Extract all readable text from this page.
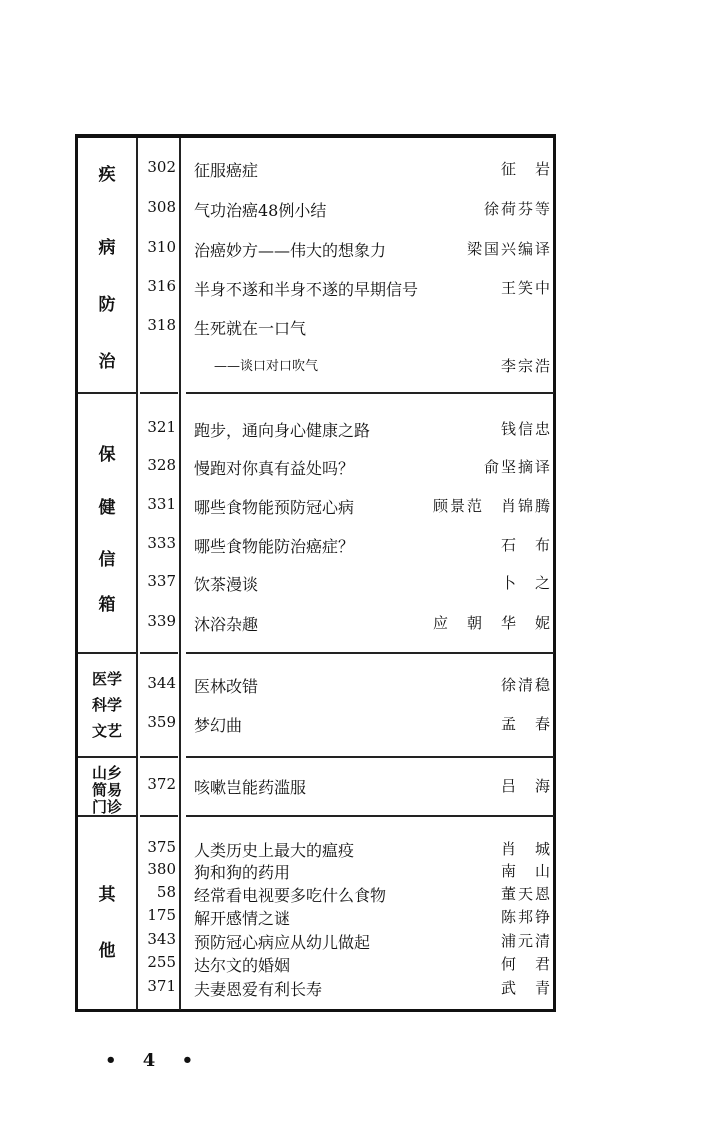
疾
病
防
治
302 征服癌症	征　岩
308 气功治癌48例小结	徐荷芬等
310 治癌妙方——伟大的想象力	梁国兴编译
316 半身不遂和半身不遂的早期信号	王笑中
318 生死就在一口气
——谈口对口吹气	李宗浩
保
健
信
箱
321 跑步，通向身心健康之路	钱信忠
328 慢跑对你真有益处吗？	俞坚摘译
331 哪些食物能预防冠心病	顾景范　肖锦腾
333 哪些食物能防治癌症？	石　布
337 饮茶漫谈	卜　之
339 沐浴杂趣	应　朝　华　妮
医学
科学
文艺
344 医林改错	徐清稳
359 梦幻曲	孟　春
山乡
简易
门诊
372 咳嗽岂能药滥服	吕　海
其
他
375 人类历史上最大的瘟疫	肖　城
380 狗和狗的药用	南　山
58 经常看电视要多吃什么食物	董天恩
175 解开感情之谜	陈邦铮
343 预防冠心病应从幼儿做起	浦元清
255 达尔文的婚姻	何　君
371 夫妻恩爱有利长寿	武　青
• 4 •
